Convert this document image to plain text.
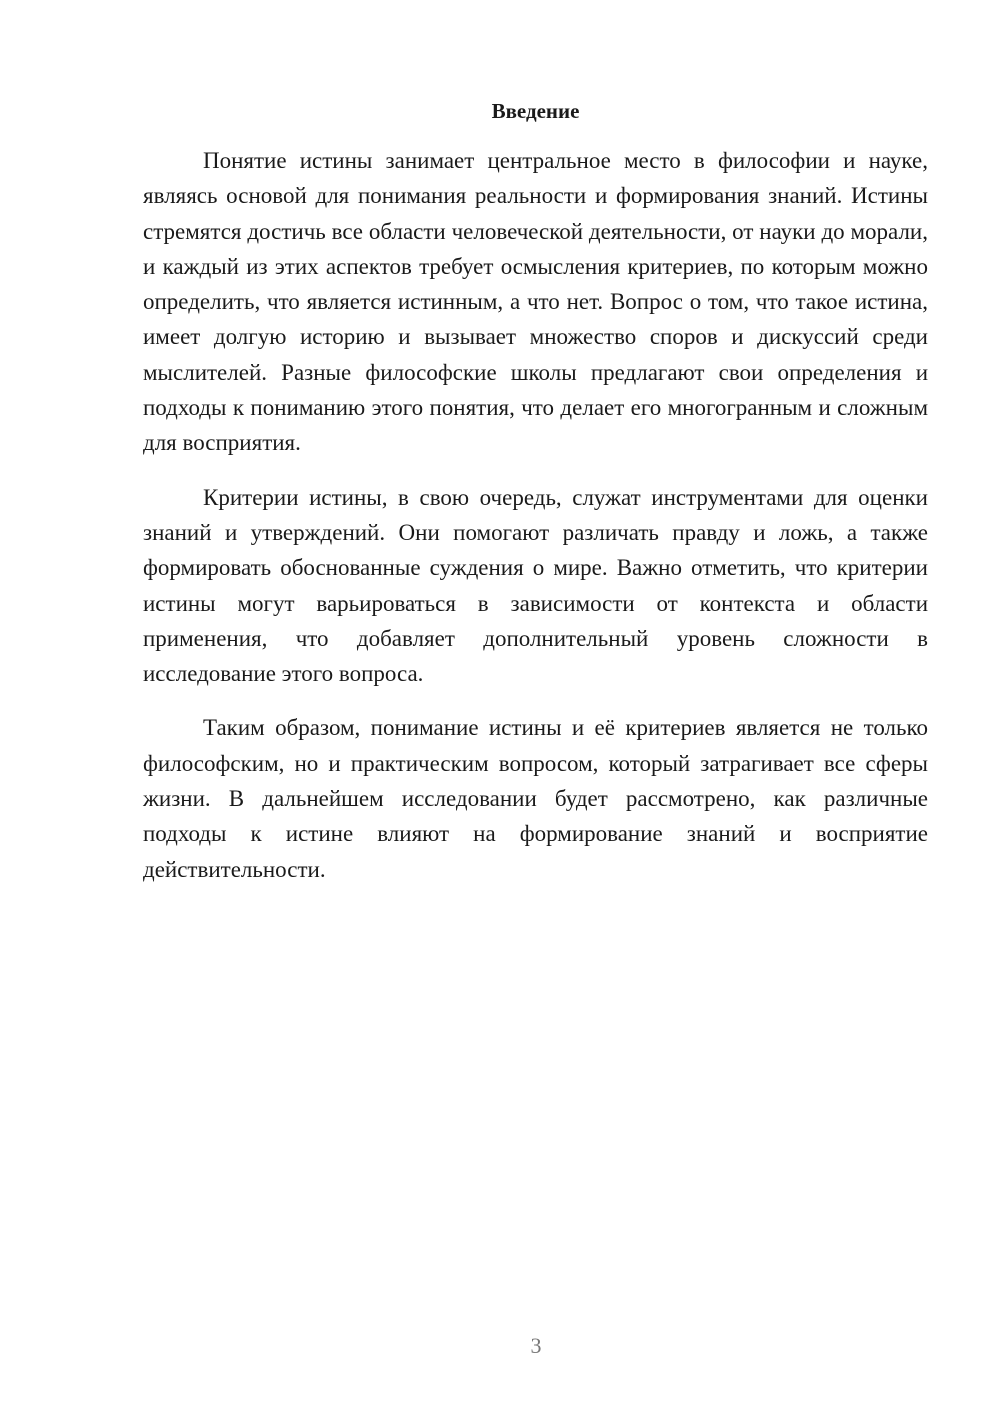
Введение

Понятие истины занимает центральное место в философии и науке, являясь основой для понимания реальности и формирования знаний. Истины стремятся достичь все области человеческой деятельности, от науки до морали, и каждый из этих аспектов требует осмысления критериев, по которым можно определить, что является истинным, а что нет. Вопрос о том, что такое истина, имеет долгую историю и вызывает множество споров и дискуссий среди мыслителей. Разные философские школы предлагают свои определения и подходы к пониманию этого понятия, что делает его многогранным и сложным для восприятия.

Критерии истины, в свою очередь, служат инструментами для оценки знаний и утверждений. Они помогают различать правду и ложь, а также формировать обоснованные суждения о мире. Важно отметить, что критерии истины могут варьироваться в зависимости от контекста и области применения, что добавляет дополнительный уровень сложности в исследование этого вопроса.

Таким образом, понимание истины и её критериев является не только философским, но и практическим вопросом, который затрагивает все сферы жизни. В дальнейшем исследовании будет рассмотрено, как различные подходы к истине влияют на формирование знаний и восприятие действительности.

3
